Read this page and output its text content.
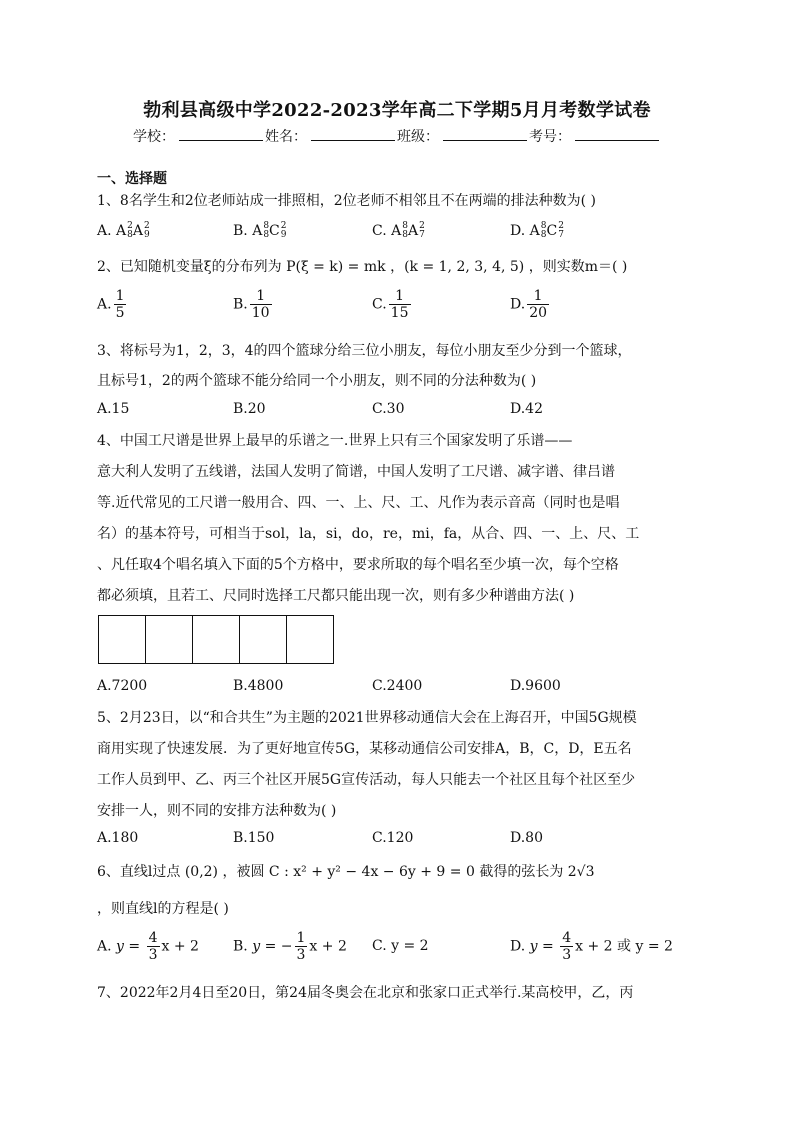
勃利县高级中学2022-2023学年高二下学期5月月考数学试卷
学校：	姓名：	班级：	考号：
一、选择题
1、8名学生和2位老师站成一排照相，2位老师不相邻且不在两端的排法种数为( )
A. A 2
8 A 2
9	B. A 8
8 C 2
9	C. A 8
8 A 2
7	D. A 8
8 C 2
7
2、已知随机变量ξ的分布列为 P(ξ = k) = mk ，(k = 1, 2, 3, 4, 5) ，则实数m＝( )
A. $\frac{1}{5}$	B. $\frac{1}{10}$	C. $\frac{1}{15}$	D. $\frac{1}{20}$
3、将标号为1，2，3，4的四个篮球分给三位小朋友，每位小朋友至少分到一个篮球，
且标号1，2的两个篮球不能分给同一个小朋友，则不同的分法种数为( )
A.15	B.20	C.30	D.42
4、中国工尺谱是世界上最早的乐谱之一.世界上只有三个国家发明了乐谱——
意大利人发明了五线谱，法国人发明了简谱，中国人发明了工尺谱、减字谱、律吕谱
等.近代常见的工尺谱一般用合、四、一、上、尺、工、凡作为表示音高（同时也是唱
名）的基本符号，可相当于sol，la，si，do，re，mi，fa，从合、四、一、上、尺、工
、凡任取4个唱名填入下面的5个方格中，要求所取的每个唱名至少填一次，每个空格
都必须填，且若工、尺同时选择工尺都只能出现一次，则有多少种谱曲方法( )
A.7200	B.4800	C.2400	D.9600
5、2月23日，以“和合共生”为主题的2021世界移动通信大会在上海召开，中国5G规模
商用实现了快速发展．为了更好地宣传5G，某移动通信公司安排A，B，C，D，E五名
工作人员到甲、乙、丙三个社区开展5G宣传活动，每人只能去一个社区且每个社区至少
安排一人，则不同的安排方法种数为( )
A.180	B.150	C.120	D.80
6、直线l过点 (0,2) ，被圆 C : x² + y² − 4x − 6y + 9 = 0 截得的弦长为 2√3
，则直线l的方程是( )
A. $y = \frac{4}{3}$ x + 2 B. y = − $\frac{1}{3}$ x + 2 C. y = 2	D. $y = \frac{4}{3}$ x + 2 或 y = 2
7、2022年2月4日至20日，第24届冬奥会在北京和张家口正式举行.某高校甲，乙，丙
